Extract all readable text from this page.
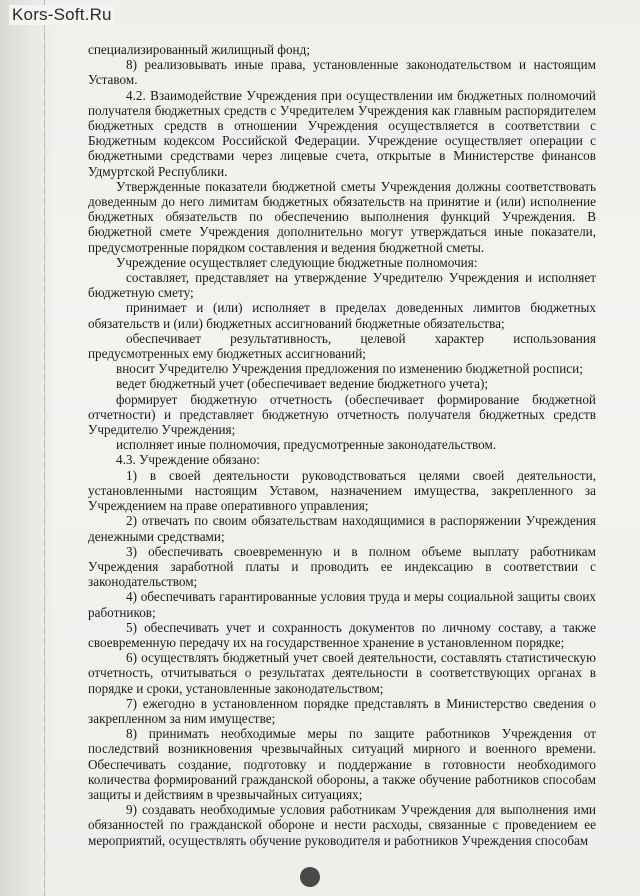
Kors-Soft.Ru

специализированный жилищный фонд;

8) реализовывать иные права, установленные законодательством и настоящим Уставом.

4.2. Взаимодействие Учреждения при осуществлении им бюджетных полномочий получателя бюджетных средств с Учредителем Учреждения как главным распорядителем бюджетных средств в отношении Учреждения осуществляется в соответствии с Бюджетным кодексом Российской Федерации. Учреждение осуществляет операции с бюджетными средствами через лицевые счета, открытые в Министерстве финансов Удмуртской Республики.

Утвержденные показатели бюджетной сметы Учреждения должны соответствовать доведенным до него лимитам бюджетных обязательств на принятие и (или) исполнение бюджетных обязательств по обеспечению выполнения функций Учреждения. В бюджетной смете Учреждения дополнительно могут утверждаться иные показатели, предусмотренные порядком составления и ведения бюджетной сметы.

Учреждение осуществляет следующие бюджетные полномочия:

составляет, представляет на утверждение Учредителю Учреждения и исполняет бюджетную смету;

принимает и (или) исполняет в пределах доведенных лимитов бюджетных обязательств и (или) бюджетных ассигнований бюджетные обязательства;

обеспечивает результативность, целевой характер использования предусмотренных ему бюджетных ассигнований;

вносит Учредителю Учреждения предложения по изменению бюджетной росписи;

ведет бюджетный учет (обеспечивает ведение бюджетного учета);

формирует бюджетную отчетность (обеспечивает формирование бюджетной отчетности) и представляет бюджетную отчетность получателя бюджетных средств Учредителю Учреждения;

исполняет иные полномочия, предусмотренные законодательством.

4.3. Учреждение обязано:

1) в своей деятельности руководствоваться целями своей деятельности, установленными настоящим Уставом, назначением имущества, закрепленного за Учреждением на праве оперативного управления;

2) отвечать по своим обязательствам находящимися в распоряжении Учреждения денежными средствами;

3) обеспечивать своевременную и в полном объеме выплату работникам Учреждения заработной платы и проводить ее индексацию в соответствии с законодательством;

4) обеспечивать гарантированные условия труда и меры социальной защиты своих работников;

5) обеспечивать учет и сохранность документов по личному составу, а также своевременную передачу их на государственное хранение в установленном порядке;

6) осуществлять бюджетный учет своей деятельности, составлять статистическую отчетность, отчитываться о результатах деятельности в соответствующих органах в порядке и сроки, установленные законодательством;

7) ежегодно в установленном порядке представлять в Министерство сведения о закрепленном за ним имуществе;

8) принимать необходимые меры по защите работников Учреждения от последствий возникновения чрезвычайных ситуаций мирного и военного времени. Обеспечивать создание, подготовку и поддержание в готовности необходимого количества формирований гражданской обороны, а также обучение работников способам защиты и действиям в чрезвычайных ситуациях;

9) создавать необходимые условия работникам Учреждения для выполнения ими обязанностей по гражданской обороне и нести расходы, связанные с проведением ее мероприятий, осуществлять обучение руководителя и работников Учреждения способам
